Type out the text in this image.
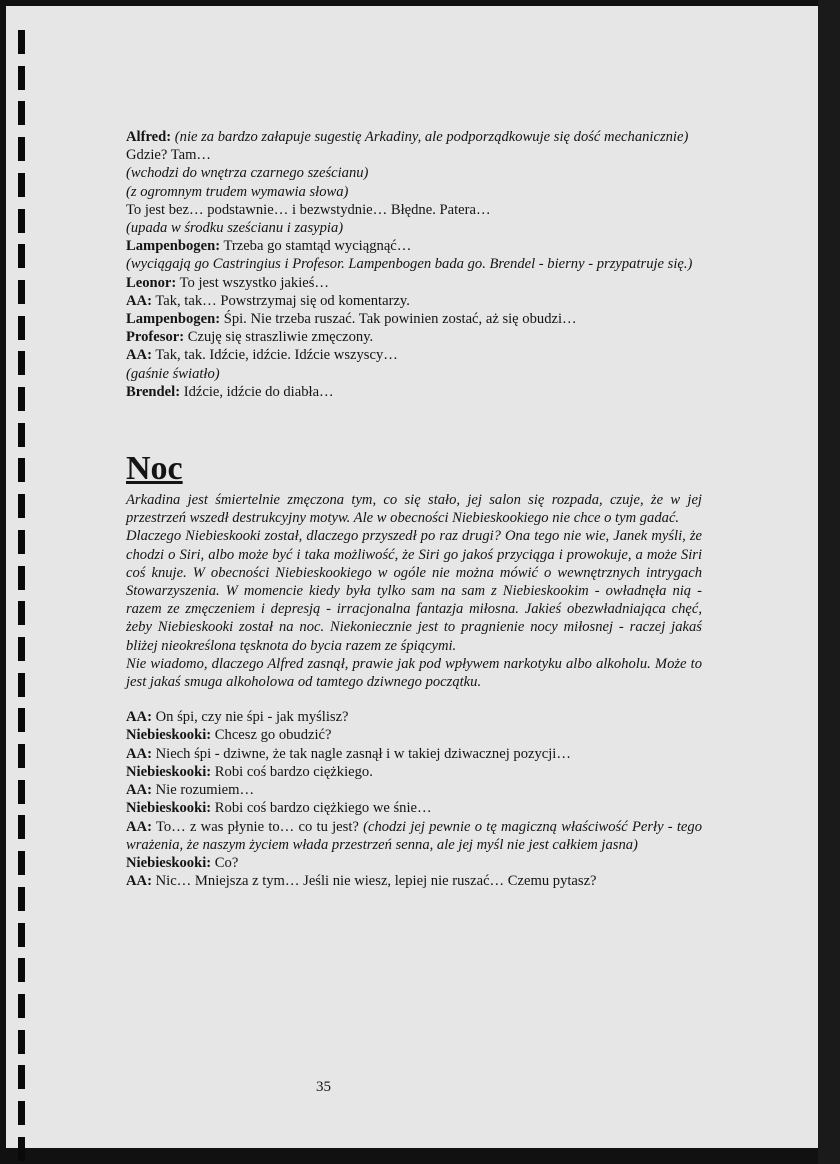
Alfred: (nie za bardzo załapuje sugestię Arkadiny, ale podporządkowuje się dość mechanicznie)

Gdzie? Tam…

(wchodzi do wnętrza czarnego sześcianu)

(z ogromnym trudem wymawia słowa)

To jest bez… podstawnie… i bezwstydnie… Błędne. Patera…

(upada w środku sześcianu i zasypia)

Lampenbogen: Trzeba go stamtąd wyciągnąć…

(wyciągają go Castringius i Profesor. Lampenbogen bada go. Brendel - bierny - przypatruje się.)

Leonor: To jest wszystko jakieś…

AA: Tak, tak… Powstrzymaj się od komentarzy.

Lampenbogen: Śpi. Nie trzeba ruszać. Tak powinien zostać, aż się obudzi…

Profesor: Czuję się straszliwie zmęczony.

AA: Tak, tak. Idźcie, idźcie. Idźcie wszyscy…

(gaśnie światło)

Brendel: Idźcie, idźcie do diabła…

Noc

Arkadina jest śmiertelnie zmęczona tym, co się stało, jej salon się rozpada, czuje, że w jej przestrzeń wszedł destrukcyjny motyw. Ale w obecności Niebieskookiego nie chce o tym gadać.

Dlaczego Niebieskooki został, dlaczego przyszedł po raz drugi? Ona tego nie wie, Janek myśli, że chodzi o Siri, albo może być i taka możliwość, że Siri go jakoś przyciąga i prowokuje, a może Siri coś knuje. W obecności Niebieskookiego w ogóle nie można mówić o wewnętrznych intrygach Stowarzyszenia. W momencie kiedy była tylko sam na sam z Niebieskookim - owładnęła nią - razem ze zmęczeniem i depresją - irracjonalna fantazja miłosna. Jakieś obezwładniająca chęć, żeby Niebieskooki został na noc. Niekoniecznie jest to pragnienie nocy miłosnej - raczej jakaś bliżej nieokreślona tęsknota do bycia razem ze śpiącymi.

Nie wiadomo, dlaczego Alfred zasnął, prawie jak pod wpływem narkotyku albo alkoholu. Może to jest jakaś smuga alkoholowa od tamtego dziwnego początku.

AA: On śpi, czy nie śpi - jak myślisz?

Niebieskooki: Chcesz go obudzić?

AA: Niech śpi - dziwne, że tak nagle zasnął i w takiej dziwacznej pozycji…

Niebieskooki: Robi coś bardzo ciężkiego.

AA: Nie rozumiem…

Niebieskooki: Robi coś bardzo ciężkiego we śnie…

AA: To… z was płynie to… co tu jest? (chodzi jej pewnie o tę magiczną właściwość Perły - tego wrażenia, że naszym życiem włada przestrzeń senna, ale jej myśl nie jest całkiem jasna)

Niebieskooki: Co?

AA: Nic… Mniejsza z tym… Jeśli nie wiesz, lepiej nie ruszać… Czemu pytasz?

35
